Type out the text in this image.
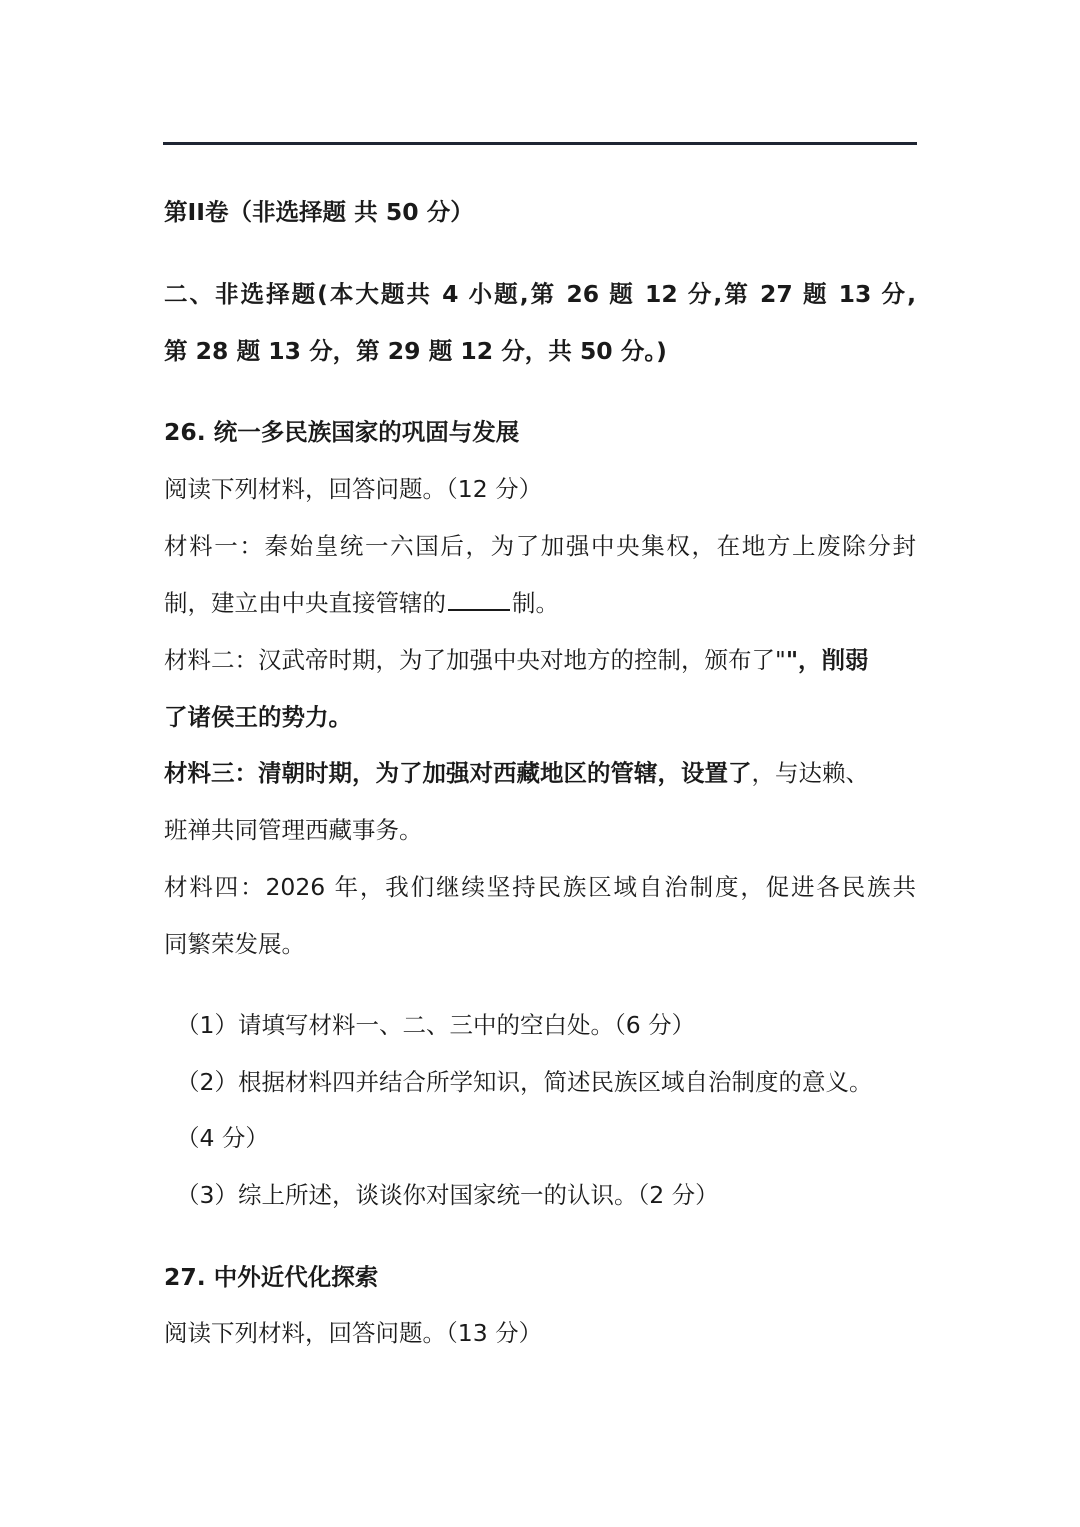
第II卷（非选择题 共 50 分）
二、非选择题(本大题共 4 小题,第 26 题 12 分,第 27 题 13 分,
第 28 题 13 分，第 29 题 12 分，共 50 分。)
26. 统一多民族国家的巩固与发展
阅读下列材料，回答问题。（12 分）
材料一：秦始皇统一六国后，为了加强中央集权，在地方上废除分封
制，建立由中央直接管辖的	制。
材料二：汉武帝时期，为了加强中央对地方的控制，颁布了""，削弱
了诸侯王的势力。
材料三：清朝时期，为了加强对西藏地区的管辖，设置了，与达赖、
班禅共同管理西藏事务。
材料四：2026 年，我们继续坚持民族区域自治制度，促进各民族共
同繁荣发展。
（1）请填写材料一、二、三中的空白处。（6 分）
（2）根据材料四并结合所学知识，简述民族区域自治制度的意义。
（4 分）
（3）综上所述，谈谈你对国家统一的认识。（2 分）
27. 中外近代化探索
阅读下列材料，回答问题。（13 分）
